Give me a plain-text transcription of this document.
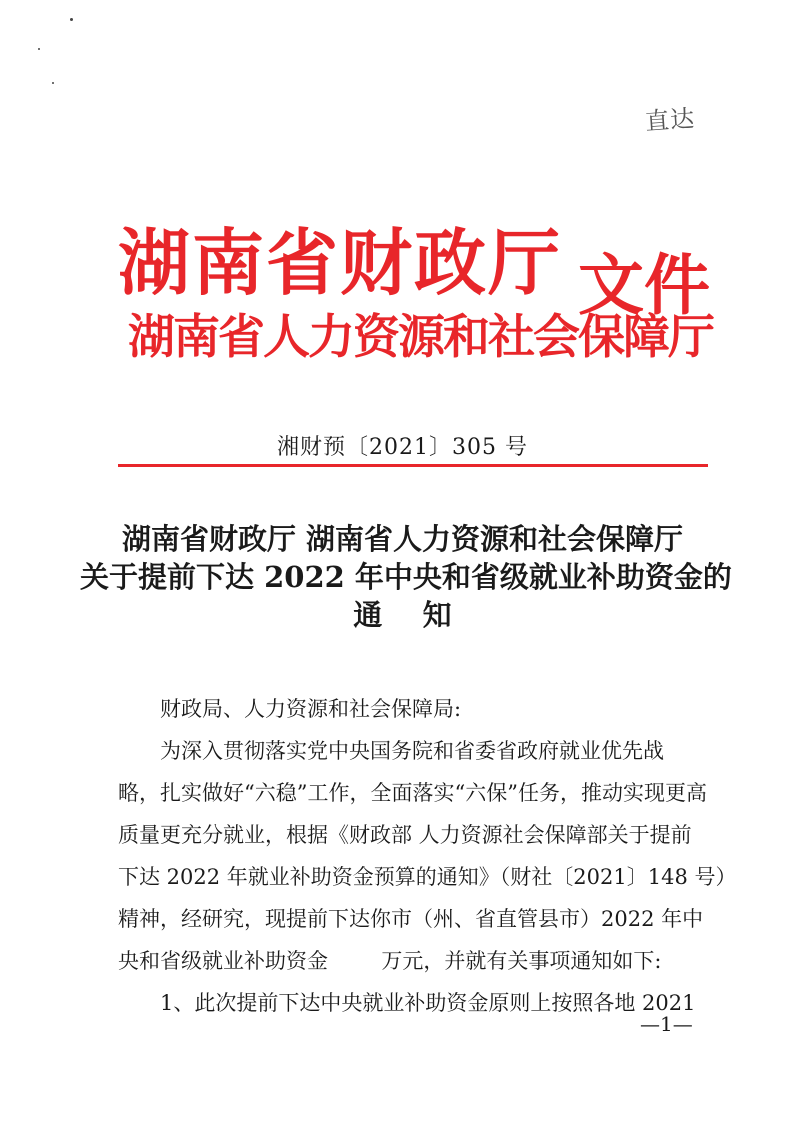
直达
湖南省财政厅
湖南省人力资源和社会保障厅
文件
湘财预〔2021〕305 号
湖南省财政厅 湖南省人力资源和社会保障厅
关于提前下达 2022 年中央和省级就业补助资金的
通    知

财政局、人力资源和社会保障局:

为深入贯彻落实党中央国务院和省委省政府就业优先战

略，扎实做好“六稳”工作，全面落实“六保”任务，推动实现更高

质量更充分就业，根据《财政部 人力资源社会保障部关于提前

下达 2022 年就业补助资金预算的通知》（财社〔2021〕148 号）

精神，经研究，现提前下达你市（州、省直管县市）2022 年中

央和省级就业补助资金        万元，并就有关事项通知如下:

1、此次提前下达中央就业补助资金原则上按照各地 2021

—1—
